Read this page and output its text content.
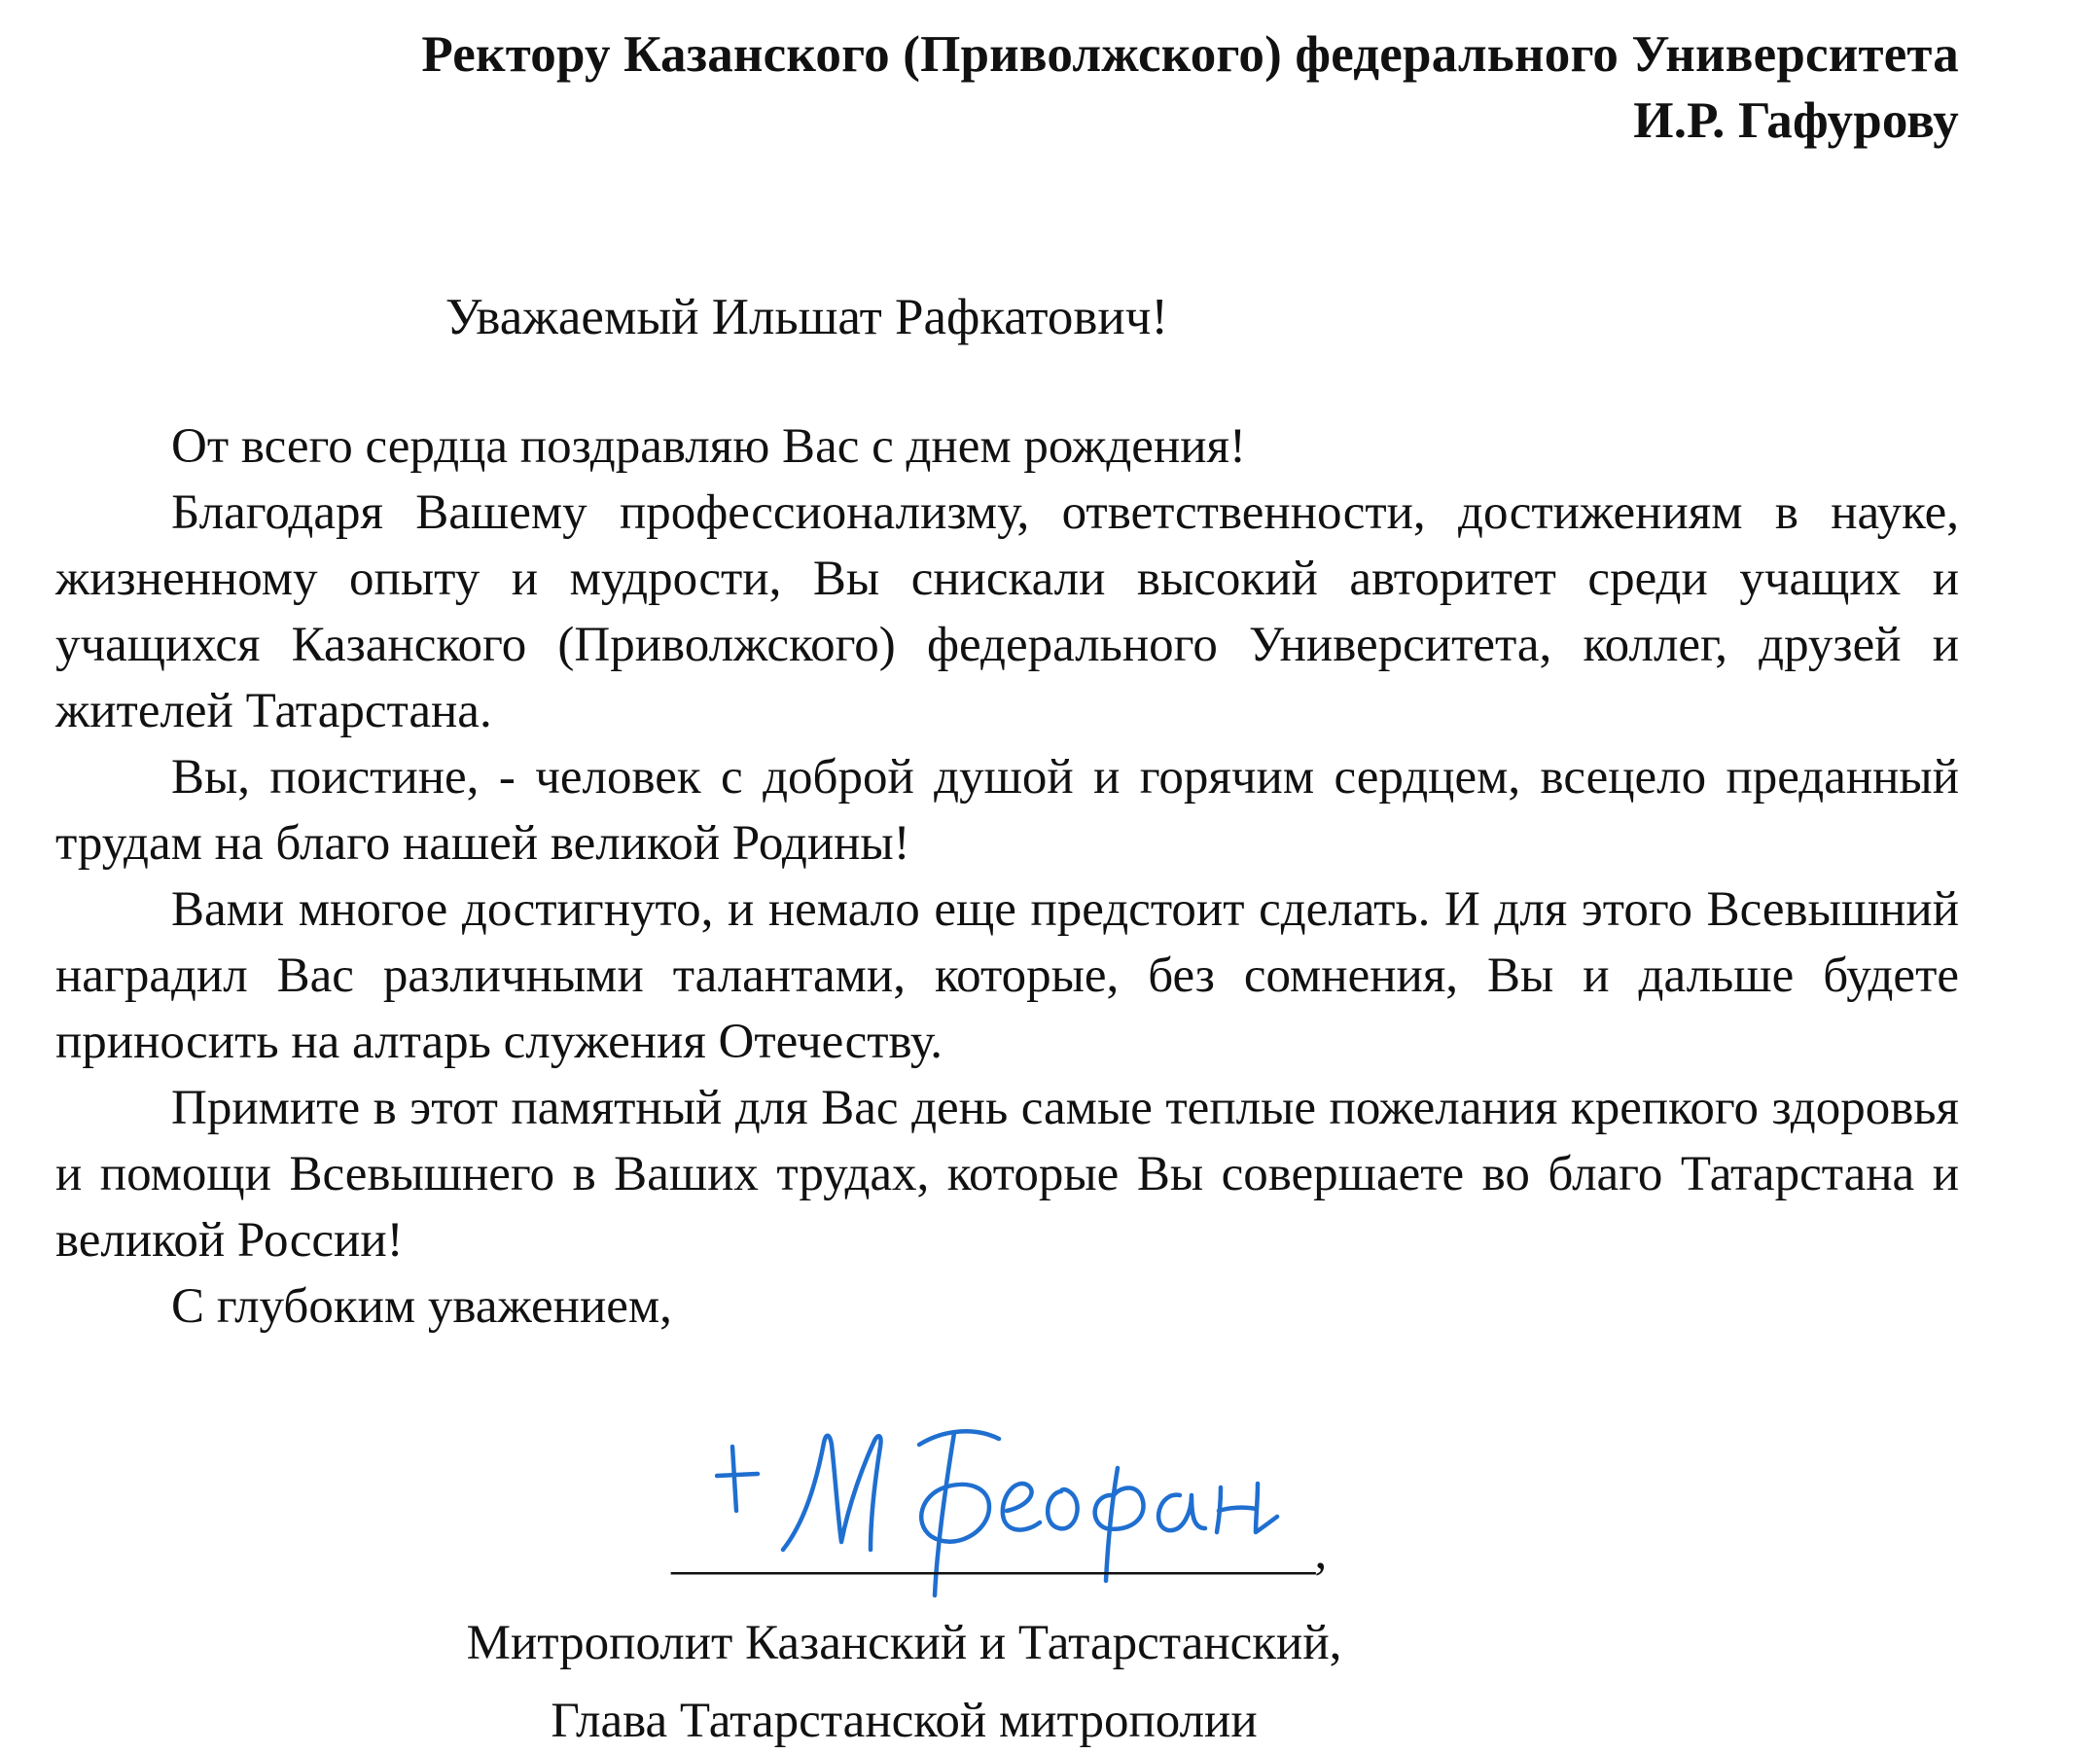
Ректору Казанского (Приволжского) федерального Университета
И.Р. Гафурову
Уважаемый Ильшат Рафкатович!

От всего сердца поздравляю Вас с днем рождения!

Благодаря Вашему профессионализму, ответственности, достижениям в науке, жизненному опыту и мудрости, Вы снискали высокий авторитет среди учащих и учащихся Казанского (Приволжского) федерального Университета, коллег, друзей и жителей Татарстана.

Вы, поистине, - человек с доброй душой и горячим сердцем, всецело преданный трудам на благо нашей великой Родины!

Вами многое достигнуто, и немало еще предстоит сделать. И для этого Всевышний наградил Вас различными талантами, которые, без сомнения, Вы и дальше будете приносить на алтарь служения Отечеству.

Примите в этот памятный для Вас день самые теплые пожелания крепкого здоровья и помощи Всевышнего в Ваших трудах, которые Вы совершаете во благо Татарстана и великой России!

С глубоким уважением,

___________________________,
Митрополит Казанский и Татарстанский,
Глава Татарстанской митрополии
